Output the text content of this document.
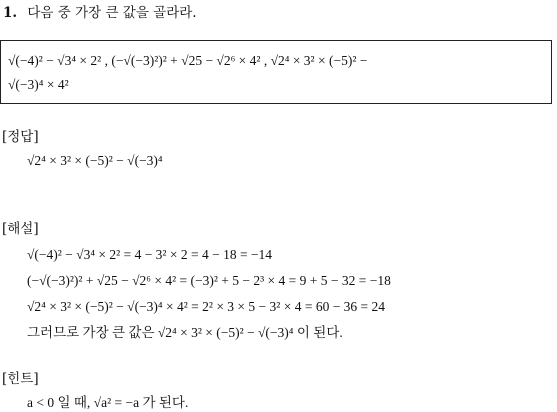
1. 다음 중 가장 큰 값을 골라라.
√(−4)² − √3⁴ × 2² , (−√(−3)²)² + √25 − √2⁶ × 4² , √2⁴ × 3² × (−5)² −
√(−3)⁴ × 4²
[정답]
√2⁴ × 3² × (−5)² − √(−3)⁴
[해설]
√(−4)² − √3⁴ × 2² = 4 − 3² × 2 = 4 − 18 = −14
(−√(−3)²)² + √25 − √2⁶ × 4² = (−3)² + 5 − 2³ × 4 = 9 + 5 − 32 = −18
√2⁴ × 3² × (−5)² − √(−3)⁴ × 4² = 2² × 3 × 5 − 3² × 4 = 60 − 36 = 24
그러므로 가장 큰 값은 √2⁴ × 3² × (−5)² − √(−3)⁴ 이 된다.
[힌트]
a < 0 일 때, √a² = −a 가 된다.
